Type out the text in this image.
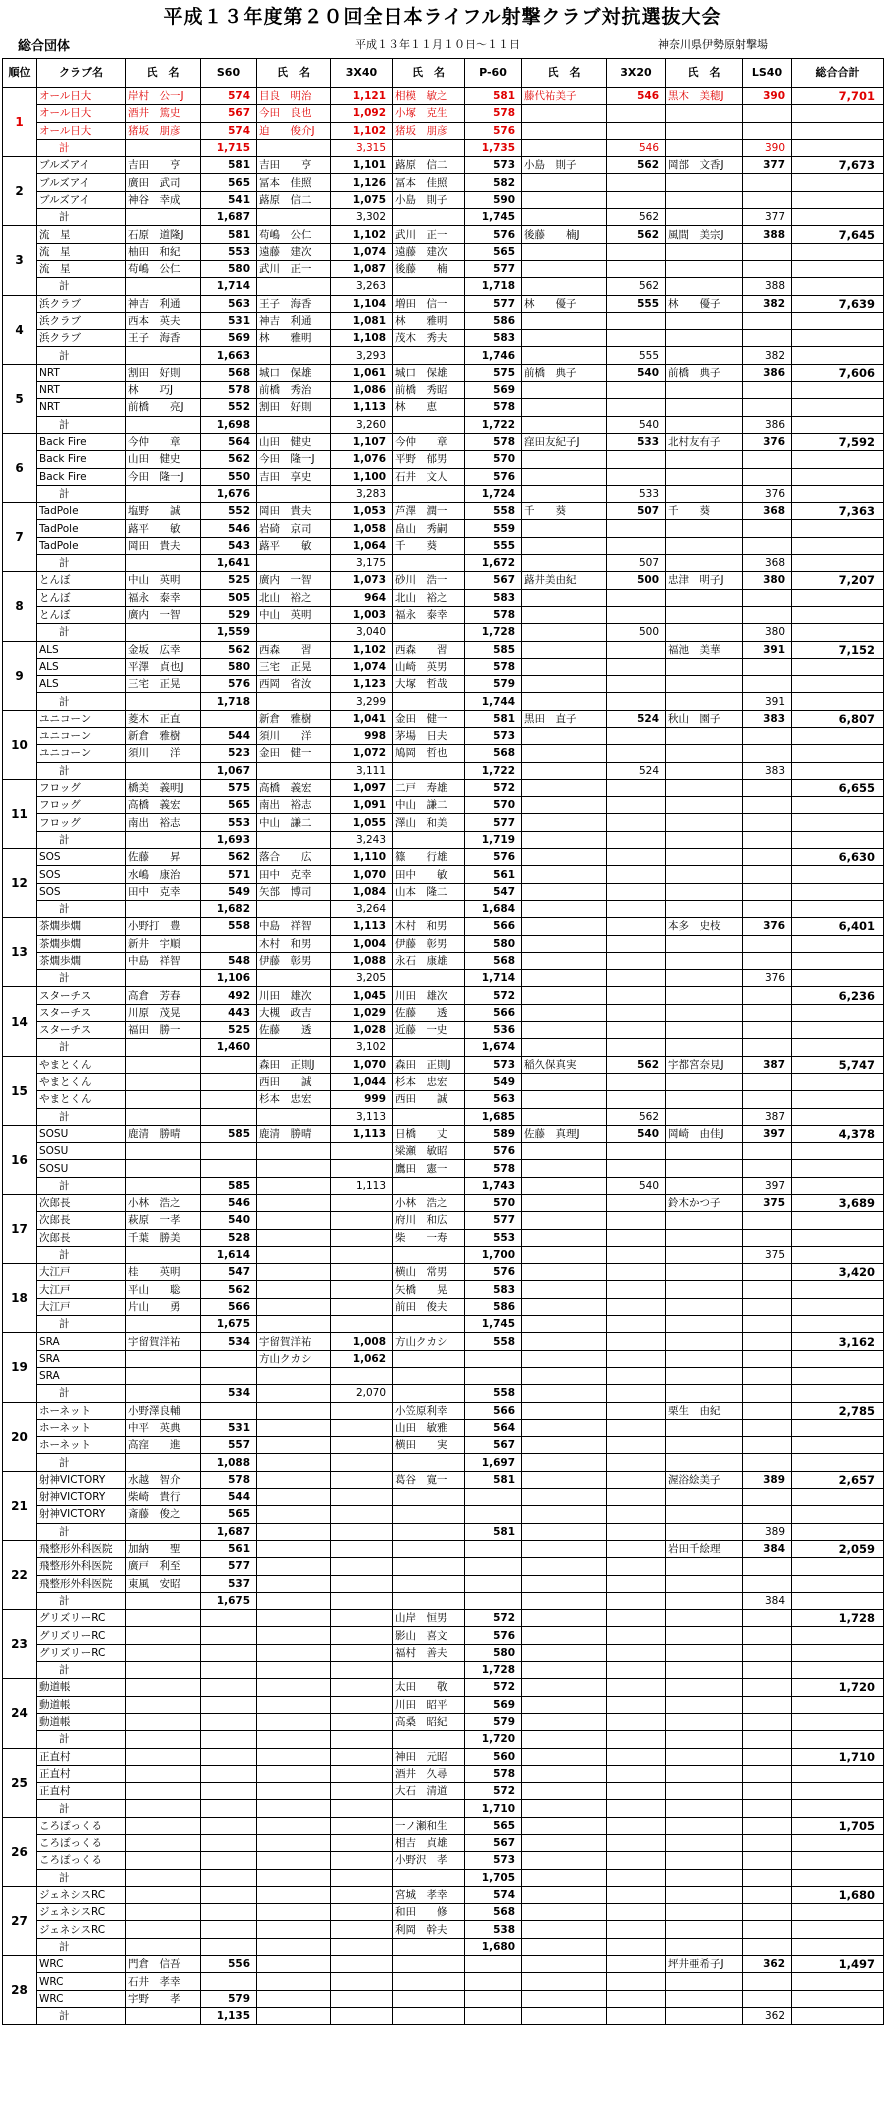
平成１３年度第２０回全日本ライフル射撃クラブ対抗選抜大会
総合団体	平成１３年１１月１０日～１１日	神奈川県伊勢原射撃場
順位	クラブ名	氏　名	S60	氏　名	3X40	氏　名	P-60	氏　名	3X20	氏　名	LS40	総合合計
1	オール日大	岸村　公一J	574	目良　明治	1,121	相模　敏之	581	藤代祐美子	546	黒木　美穂J	390	7,701
	オール日大	酒井　篤史	567	今田　良也	1,092	小塚　克生	578					
	オール日大	猪坂　朋彦	574	迫　　俊介J	1,102	猪坂　朋彦	576					
	計		1,715		3,315		1,735		546		390	
2	ブルズアイ	吉田　　亨	581	吉田　　亨	1,101	蕗原　信二	573	小島　則子	562	岡部　文香J	377	7,673
	ブルズアイ	廣田　武司	565	冨本　佳照	1,126	冨本　佳照	582					
	ブルズアイ	神谷　幸成	541	蕗原　信二	1,075	小島　則子	590					
	計		1,687		3,302		1,745		562		377	
3	流　星	石原　道隆J	581	苟嶋　公仁	1,102	武川　正一	576	後藤　　楠J	562	風間　美宗J	388	7,645
	流　星	柚田　和紀	553	遠藤　建次	1,074	遠藤　建次	565					
	流　星	苟嶋　公仁	580	武川　正一	1,087	後藤　　楠	577					
	計		1,714		3,263		1,718		562		388	
4	浜クラブ	神吉　利通	563	王子　海香	1,104	増田　信一	577	林　　優子	555	林　　優子	382	7,639
	浜クラブ	西本　英夫	531	神吉　利通	1,081	林　　雅明	586					
	浜クラブ	王子　海香	569	林　　雅明	1,108	茂木　秀夫	583					
	計		1,663		3,293		1,746		555		382	
5	NRT	割田　好則	568	城口　保雄	1,061	城口　保雄	575	前橋　典子	540	前橋　典子	386	7,606
	NRT	林　　巧J	578	前橋　秀治	1,086	前橋　秀昭	569					
	NRT	前橋　　亮J	552	割田　好則	1,113	林　　恵	578					
	計		1,698		3,260		1,722		540		386	
6	Back Fire	今仲　　章	564	山田　健史	1,107	今仲　　章	578	窪田友紀子J	533	北村友有子	376	7,592
	Back Fire	山田　健史	562	今田　隆一J	1,076	平野　郁男	570					
	Back Fire	今田　隆一J	550	吉田　享史	1,100	石井　文人	576					
	計		1,676		3,283		1,724		533		376	
7	TadPole	塩野　　誠	552	岡田　貴夫	1,053	芦澤　潤一	558	千　　葵	507	千　　葵	368	7,363
	TadPole	蕗平　　敏	546	岩碕　京司	1,058	畠山　秀嗣	559					
	TadPole	岡田　貴夫	543	蕗平　　敏	1,064	千　　葵	555					
	計		1,641		3,175		1,672		507		368	
8	とんぼ	中山　英明	525	廣内　一智	1,073	砂川　浩一	567	蕗井美由紀	500	忠津　明子J	380	7,207
	とんぼ	福永　泰幸	505	北山　裕之	964	北山　裕之	583					
	とんぼ	廣内　一智	529	中山　英明	1,003	福永　泰幸	578					
	計		1,559		3,040		1,728		500		380	
9	ALS	金坂　広幸	562	西森　　習	1,102	西森　　習	585			福池　美華	391	7,152
	ALS	平澤　貞也J	580	三宅　正晃	1,074	山崎　英男	578					
	ALS	三宅　正晃	576	西岡　省汝	1,123	大塚　哲哉	579					
	計		1,718		3,299		1,744				391	
10	ユニコーン	菱木　正直		新倉　雅樹	1,041	金田　健一	581	黒田　直子	524	秋山　園子	383	6,807
	ユニコーン	新倉　雅樹	544	須川　　洋	998	茅場　日夫	573					
	ユニコーン	須川　　洋	523	金田　健一	1,072	鳩岡　哲也	568					
	計		1,067		3,111		1,722		524		383	
11	フロッグ	橋美　義明J	575	高橋　義宏	1,097	二戸　寿雄	572					6,655
	フロッグ	高橋　義宏	565	南出　裕志	1,091	中山　謙二	570					
	フロッグ	南出　裕志	553	中山　謙二	1,055	澤山　和美	577					
	計		1,693		3,243		1,719					
12	SOS	佐藤　　昇	562	落合　　広	1,110	篠　　行雄	576					6,630
	SOS	水嶋　康治	571	田中　克幸	1,070	田中　　敏	561					
	SOS	田中　克幸	549	矢部　博司	1,084	山本　隆二	547					
	計		1,682		3,264		1,684					
13	茶燗歩燗	小野打　豊	558	中島　祥智	1,113	木村　和男	566			本多　史枝	376	6,401
	茶燗歩燗	新井　宇順		木村　和男	1,004	伊藤　彰男	580					
	茶燗歩燗	中島　祥智	548	伊藤　彰男	1,088	永石　康雄	568					
	計		1,106		3,205		1,714				376	
14	スターチス	高倉　芳春	492	川田　雄次	1,045	川田　雄次	572					6,236
	スターチス	川原　茂晃	443	大槻　政吉	1,029	佐藤　　透	566					
	スターチス	福田　勝一	525	佐藤　　透	1,028	近藤　一史	536					
	計		1,460		3,102		1,674					
15	やまとくん			森田　正則J	1,070	森田　正則J	573	稲久保真実	562	宇都宮奈見J	387	5,747
	やまとくん			西田　　誠	1,044	杉本　忠宏	549					
	やまとくん			杉本　忠宏	999	西田　　誠	563					
	計				3,113		1,685		562		387	
16	SOSU	鹿清　勝晴	585	鹿清　勝晴	1,113	日橋　　丈	589	佐藤　真理J	540	岡崎　由佳J	397	4,378
	SOSU					梁瀬　敏昭	576					
	SOSU					鷹田　憲一	578					
	計		585		1,113		1,743		540		397	
17	次郎長	小林　浩之	546			小林　浩之	570			鈴木かつ子	375	3,689
	次郎長	萩原　一孝	540			府川　和広	577					
	次郎長	千葉　勝美	528			柴　　一寿	553					
	計		1,614				1,700				375	
18	大江戸	桂　　英明	547			横山　常男	576					3,420
	大江戸	平山　　聡	562			矢橋　　晃	583					
	大江戸	片山　　勇	566			前田　俊夫	586					
	計		1,675				1,745					
19	SRA	宇留賀洋祐	534	宇留賀洋祐	1,008	方山クカシ	558					3,162
	SRA			方山クカシ	1,062							
	SRA											
	計		534		2,070		558					
20	ホーネット	小野澤良輔				小笠原利幸	566			栗生　由紀		2,785
	ホーネット	中平　英典	531			山田　敏雅	564					
	ホーネット	高窪　　進	557			横田　　実	567					
	計		1,088				1,697					
21	射神VICTORY	水越　智介	578			葛谷　寛一	581			渥浴絵美子	389	2,657
	射神VICTORY	柴崎　貴行	544									
	射神VICTORY	斎藤　俊之	565									
	計		1,687				581				389	
22	飛整形外科医院	加納　　聖	561							岩田千絵理	384	2,059
	飛整形外科医院	廣戸　利至	577									
	飛整形外科医院	東風　安昭	537									
	計		1,675								384	
23	グリズリーRC					山岸　恒男	572					1,728
	グリズリーRC					影山　喜文	576					
	グリズリーRC					福村　善夫	580					
	計						1,728					
24	動道帳					太田　　敬	572					1,720
	動道帳					川田　昭平	569					
	動道帳					高桑　昭紀	579					
	計						1,720					
25	正直村					神田　元昭	560					1,710
	正直村					酒井　久尋	578					
	正直村					大石　清道	572					
	計						1,710					
26	ころぽっくる					一ノ瀬和生	565					1,705
	ころぽっくる					相吉　貞雄	567					
	ころぽっくる					小野沢　孝	573					
	計						1,705					
27	ジェネシスRC					宮城　孝幸	574					1,680
	ジェネシスRC					和田　　修	568					
	ジェネシスRC					利岡　幹夫	538					
	計						1,680					
28	WRC	門倉　信吾	556							坪井亜希子J	362	1,497
	WRC	石井　孝幸										
	WRC	宇野　　孝	579									
	計		1,135								362	
